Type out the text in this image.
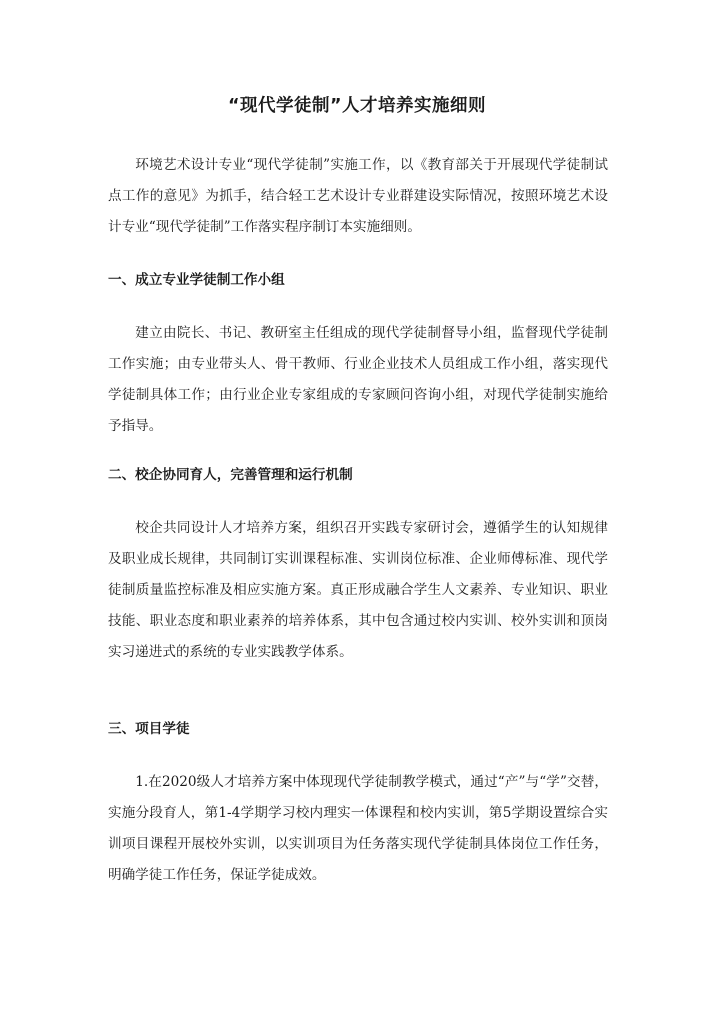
“现代学徒制”人才培养实施细则

环境艺术设计专业“现代学徒制”实施工作，以《教育部关于开展现代学徒制试点工作的意见》为抓手，结合轻工艺术设计专业群建设实际情况，按照环境艺术设计专业“现代学徒制”工作落实程序制订本实施细则。

一、成立专业学徒制工作小组

建立由院长、书记、教研室主任组成的现代学徒制督导小组，监督现代学徒制工作实施；由专业带头人、骨干教师、行业企业技术人员组成工作小组，落实现代学徒制具体工作；由行业企业专家组成的专家顾问咨询小组，对现代学徒制实施给予指导。

二、校企协同育人，完善管理和运行机制

校企共同设计人才培养方案，组织召开实践专家研讨会，遵循学生的认知规律及职业成长规律，共同制订实训课程标准、实训岗位标准、企业师傅标准、现代学徒制质量监控标准及相应实施方案。真正形成融合学生人文素养、专业知识、职业技能、职业态度和职业素养的培养体系，其中包含通过校内实训、校外实训和顶岗实习递进式的系统的专业实践教学体系。

三、项目学徒

1.在2020级人才培养方案中体现现代学徒制教学模式，通过“产”与“学”交替，实施分段育人，第1-4学期学习校内理实一体课程和校内实训，第5学期设置综合实训项目课程开展校外实训，以实训项目为任务落实现代学徒制具体岗位工作任务，明确学徒工作任务，保证学徒成效。
